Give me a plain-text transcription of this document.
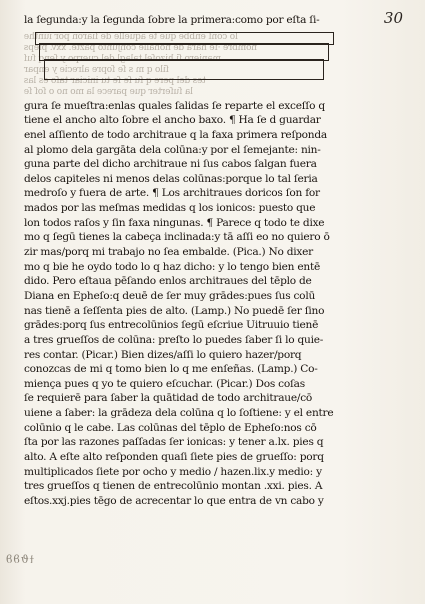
30
la ſegunda:y la ſegunda ſobre la primera:como por eſta ſi-
lo conſ enbbe que te aquelle de ſiaron por iunthe
nombre ·ſe hara de nohalle conjunto pazte. xxv. pieps
maniero ſi hizoſel talagl del cuerpo y ſenq ſuſ
ſilo q m s ſe ſopre alrecie y enpar
tes del pere q ſu ſe ſe tu iniciar taſo es las
la ſuſerter que parece la mo no o ſoſ ſe
gura ſe mueſtra:enlas quales ſalidas ſe reparte el exceſſo q
tiene el ancho alto ſobre el ancho baxo. ¶ Ha ſe d guardar
enel aſſiento de todo architraue q la faxa primera reſponda
al plomo dela gargāta dela colūna:y por el ſemejante: nin-
guna parte del dicho architraue ni ſus cabos ſalgan fuera
delos capiteles ni menos delas colūnas:porque lo tal ſeria
medroſo y fuera de arte. ¶ Los architraues doricos ſon for
mados por las meſmas medidas q los ionicos: puesto que
lon todos raſos y ſin faxa ningunas. ¶ Parece q todo te dixe
mo q ſegū tienes la cabeça inclinada:y tā aſſi eo no quiero ō
zir mas/porq mi trabajo no ſea embalde. (Pica.) No dixer
mo q bie he oydo todo lo q haz dicho: y lo tengo bien entē
dido. Pero eſtaua pēſando enlos architraues del tēplo de
Diana en Epheſo:q deuē de ſer muy grādes:pues ſus colū
nas tienē a ſeſſenta pies de alto. (Lamp.) No puedē ſer ſino
grādes:porq ſus entrecolūnios ſegū eſcriue Uitruuio tienē
a tres grueſſos de colūna: preſto lo puedes ſaber ſi lo quie-
res contar. (Picar.) Bien dizes/aſſi lo quiero hazer/porq
conozcas de mi q tomo bien lo q me enſeñas. (Lamp.) Co-
miença pues q yo te quiero eſcuchar. (Picar.) Dos coſas
ſe requierē para ſaber la quātidad de todo architraue/cō
uiene a ſaber: la grādeza dela colūna q lo ſoſtiene: y el entre
colūnio q le cabe. Las colūnas del tēplo de Epheſo:nos cō
ſta por las razones paſſadas ſer ionicas: y tener a.lx. pies q
alto. A eſte alto reſponden quaſi ſiete pies de grueſſo: porq
multiplicados ſiete por ocho y medio / hazen.lix.y medio: y
tres grueſſos q tienen de entrecolūnio montan .xxi. pies. A
eſtos.xxj.pies tēgo de acrecentar lo que entra de vn cabo y
ϐϐϑϯ
